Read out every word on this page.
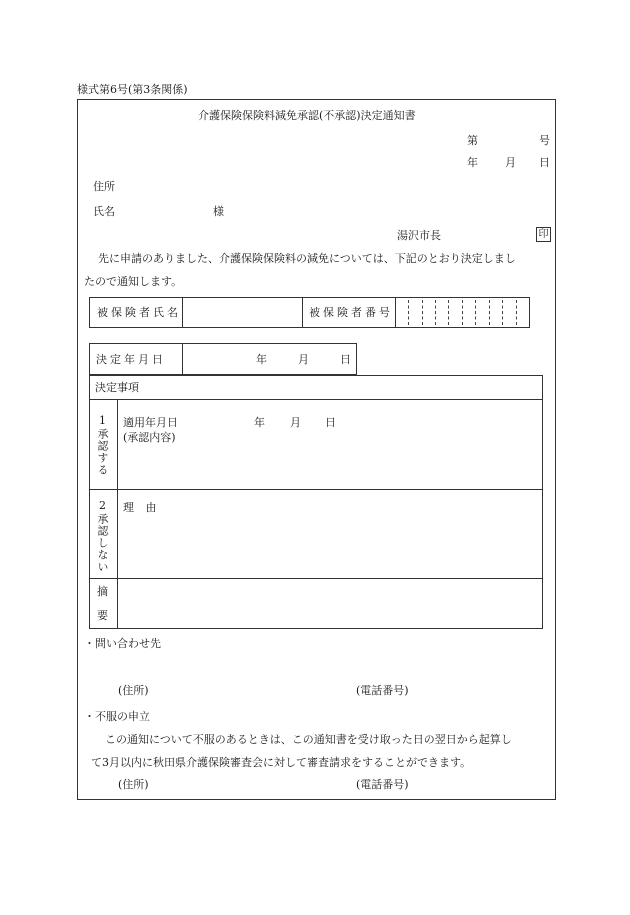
様式第6号(第3条関係)
介護保険保険料減免承認(不承認)決定通知書
第	号
年 月 日
住所
氏名	様
湯沢市長	印
先に申請のありました、介護保険保険料の減免については、下記のとおり決定しまし
たので通知します。
被保険者氏名	被保険者番号
決定年月日	年	月	日
決定事項
1承認する 適用年月日	年 月 日
(承認内容)
2承認しない 理 由
摘
要
・問い合わせ先
(住所)	(電話番号)
・不服の申立
この通知について不服のあるときは、この通知書を受け取った日の翌日から起算し
て3月以内に秋田県介護保険審査会に対して審査請求をすることができます。
(住所)	(電話番号)
